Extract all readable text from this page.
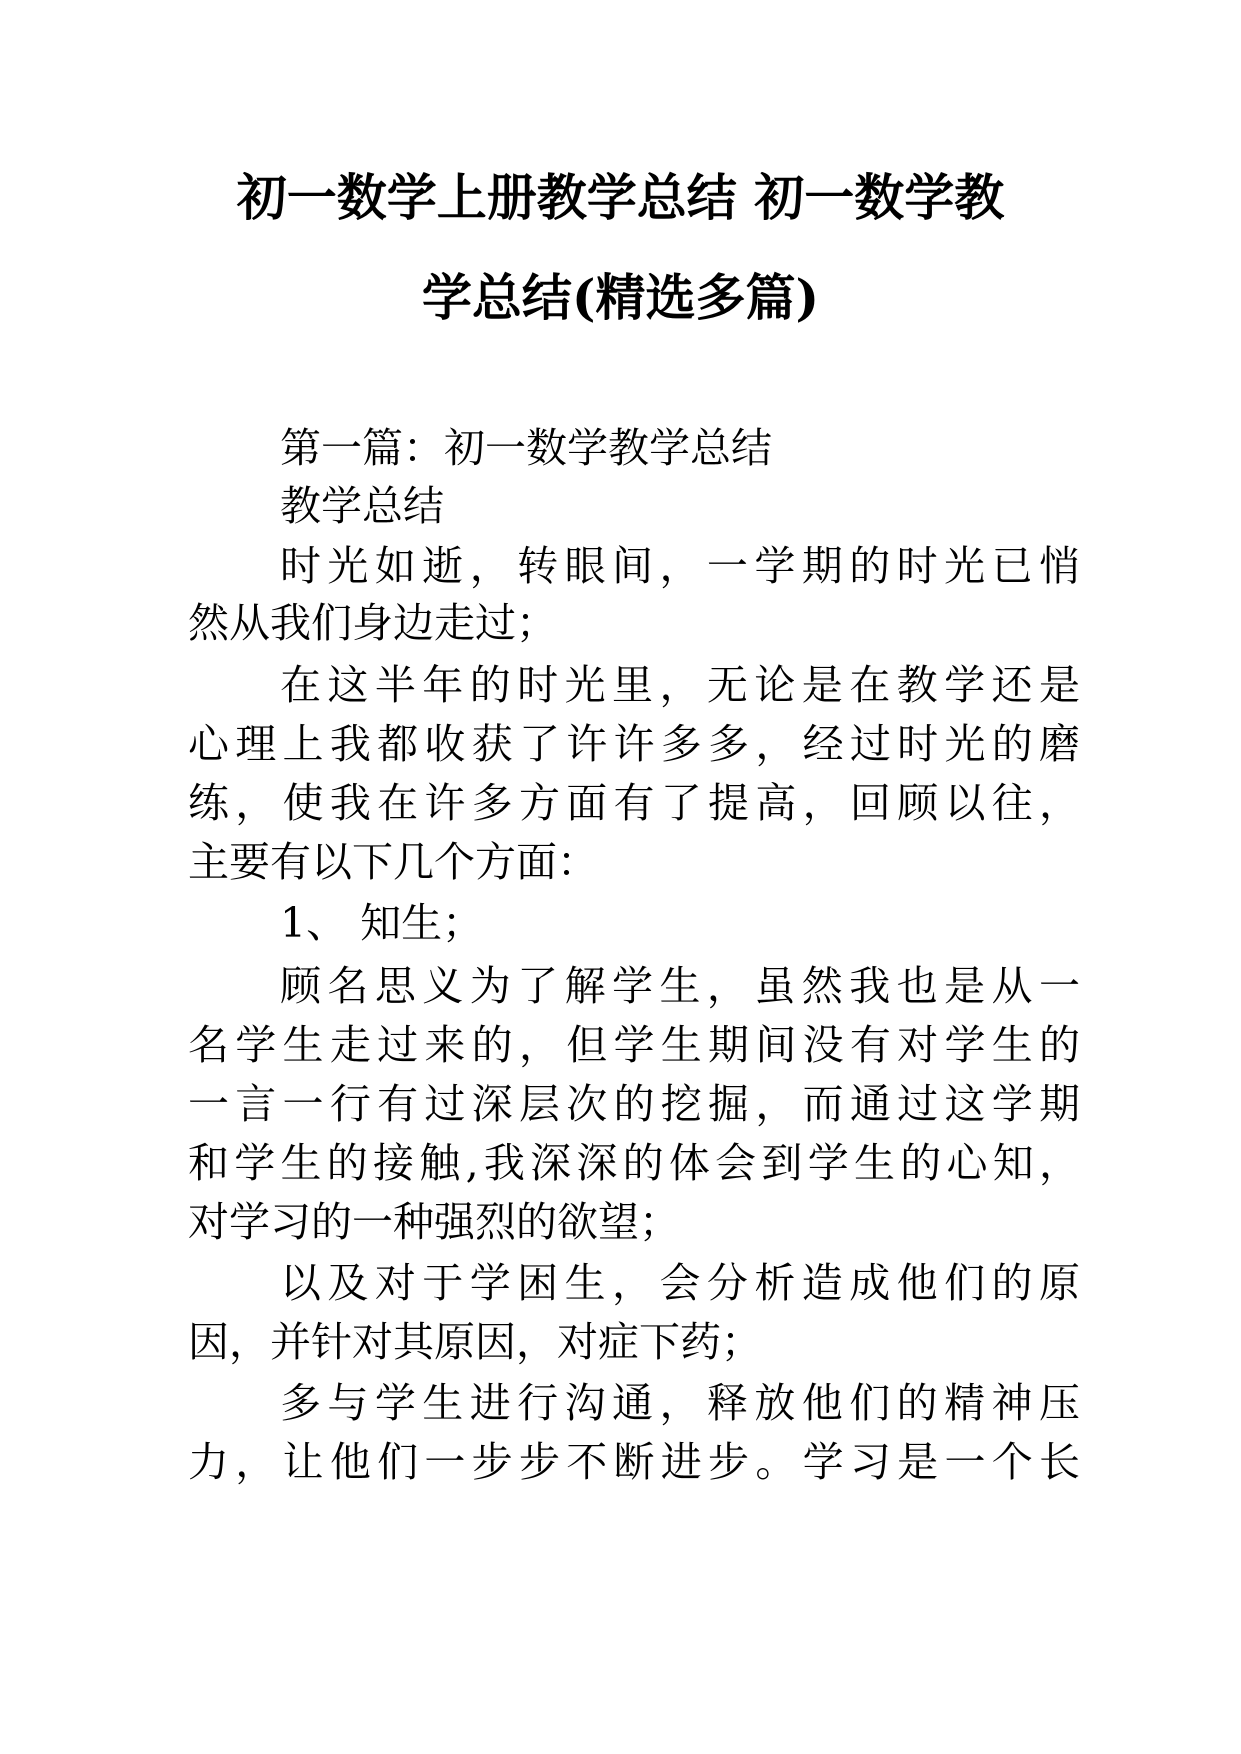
初一数学上册教学总结 初一数学教
学总结(精选多篇)
第一篇：初一数学教学总结
教学总结
时光如逝，转眼间，一学期的时光已悄
然从我们身边走过；
在这半年的时光里，无论是在教学还是
心理上我都收获了许许多多，经过时光的磨
练，使我在许多方面有了提高，回顾以往，
主要有以下几个方面：
1、 知生；
顾名思义为了解学生，虽然我也是从一
名学生走过来的，但学生期间没有对学生的
一言一行有过深层次的挖掘，而通过这学期
和学生的接触,我深深的体会到学生的心知，
对学习的一种强烈的欲望；
以及对于学困生，会分析造成他们的原
因，并针对其原因，对症下药；
多与学生进行沟通，释放他们的精神压
力，让他们一步步不断进步。学习是一个长
